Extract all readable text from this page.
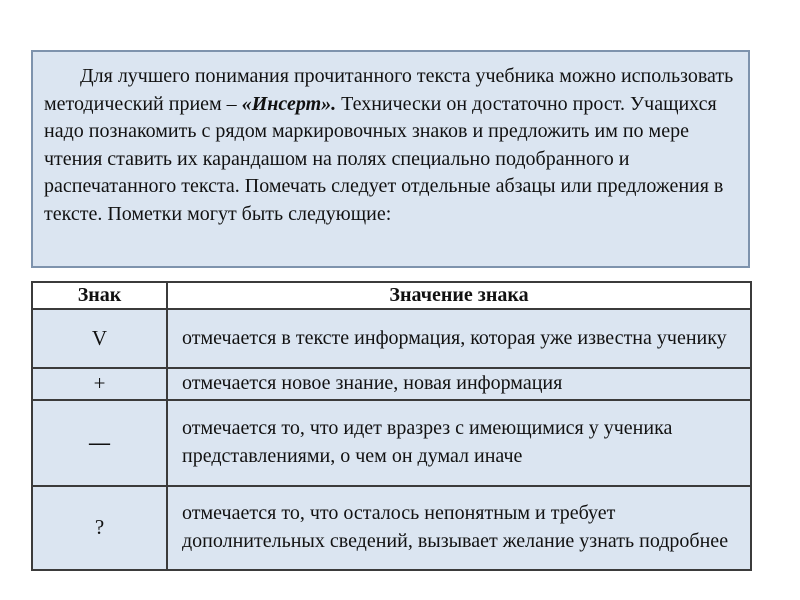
Для лучшего понимания прочитанного текста учебника можно использовать методический прием – «Инсерт». Технически он достаточно прост. Учащихся надо познакомить с рядом маркировочных знаков и предложить им по мере чтения ставить их карандашом на полях специально подобранного и распечатанного текста. Помечать следует отдельные абзацы или предложения в тексте. Пометки могут быть следующие:

Знак	Значение знака
V	отмечается в тексте информация, которая уже известна ученику
+	отмечается новое знание, новая информация
—	отмечается то, что идет вразрез с имеющимися у ученика представлениями, о чем он думал иначе
?	отмечается то, что осталось непонятным и требует дополнительных сведений, вызывает желание узнать подробнее
